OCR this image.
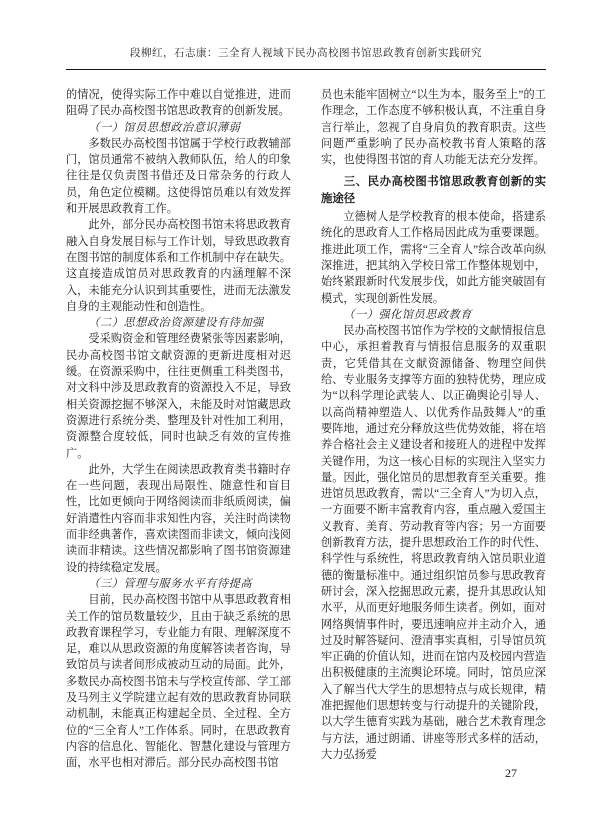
段柳红，石志康：三全育人视域下民办高校图书馆思政教育创新实践研究

的情况，使得实际工作中难以自觉推进，进而阻碍了民办高校图书馆思政教育的创新发展。

（一）馆员思想政治意识薄弱

多数民办高校图书馆属于学校行政教辅部门，馆员通常不被纳入教师队伍，给人的印象往往是仅负责图书借还及日常杂务的行政人员，角色定位模糊。这使得馆员难以有效发挥和开展思政教育工作。

此外，部分民办高校图书馆未将思政教育融入自身发展目标与工作计划，导致思政教育在图书馆的制度体系和工作机制中存在缺失。这直接造成馆员对思政教育的内涵理解不深入，未能充分认识到其重要性，进而无法激发自身的主观能动性和创造性。

（二）思想政治资源建设有待加强

受采购资金和管理经费紧张等因素影响，民办高校图书馆文献资源的更新进度相对迟缓。在资源采购中，往往更侧重工科类图书，对文科中涉及思政教育的资源投入不足，导致相关资源挖掘不够深入，未能及时对馆藏思政资源进行系统分类、整理及针对性加工利用，资源整合度较低，同时也缺乏有效的宣传推广。

此外，大学生在阅读思政教育类书籍时存在一些问题，表现出局限性、随意性和盲目性，比如更倾向于网络阅读而非纸质阅读，偏好消遣性内容而非求知性内容，关注时尚读物而非经典著作，喜欢读图而非读文，倾向浅阅读而非精读。这些情况都影响了图书馆资源建设的持续稳定发展。

（三）管理与服务水平有待提高

目前，民办高校图书馆中从事思政教育相关工作的馆员数量较少，且由于缺乏系统的思政教育课程学习，专业能力有限、理解深度不足，难以从思政资源的角度解答读者咨询，导致馆员与读者间形成被动互动的局面。此外，多数民办高校图书馆未与学校宣传部、学工部及马列主义学院建立起有效的思政教育协同联动机制，未能真正构建起全员、全过程、全方位的“三全育人”工作体系。同时，在思政教育内容的信息化、智能化、智慧化建设与管理方面，水平也相对滞后。部分民办高校图书馆

员也未能牢固树立“以生为本，服务至上”的工作理念，工作态度不够积极认真，不注重自身言行举止，忽视了自身肩负的教育职责。这些问题严重影响了民办高校教书育人策略的落实，也使得图书馆的育人功能无法充分发挥。

三、民办高校图书馆思政教育创新的实施途径

立德树人是学校教育的根本使命，搭建系统化的思政育人工作格局因此成为重要课题。推进此项工作，需将“三全育人”综合改革向纵深推进，把其纳入学校日常工作整体规划中，始终紧跟新时代发展步伐，如此方能突破固有模式，实现创新性发展。

（一）强化馆员思政教育

民办高校图书馆作为学校的文献情报信息中心，承担着教育与情报信息服务的双重职责，它凭借其在文献资源储备、物理空间供给、专业服务支撑等方面的独特优势，理应成为“以科学理论武装人、以正确舆论引导人、以高尚精神塑造人、以优秀作品鼓舞人”的重要阵地，通过充分释放这些优势效能，将在培养合格社会主义建设者和接班人的进程中发挥关键作用，为这一核心目标的实现注入坚实力量。因此，强化馆员的思想教育至关重要。推进馆员思政教育，需以“三全育人”为切入点，一方面要不断丰富教育内容，重点融入爱国主义教育、美育、劳动教育等内容；另一方面要创新教育方法，提升思想政治工作的时代性、科学性与系统性，将思政教育纳入馆员职业道德的衡量标准中。通过组织馆员参与思政教育研讨会，深入挖掘思政元素，提升其思政认知水平，从而更好地服务师生读者。例如，面对网络舆情事件时，要迅速响应并主动介入，通过及时解答疑问、澄清事实真相，引导馆员筑牢正确的价值认知，进而在馆内及校园内营造出积极健康的主流舆论环境。同时，馆员应深入了解当代大学生的思想特点与成长规律，精准把握他们思想转变与行动提升的关键阶段，以大学生德育实践为基础，融合艺术教育理念与方法，通过朗诵、讲座等形式多样的活动，大力弘扬爱

27
